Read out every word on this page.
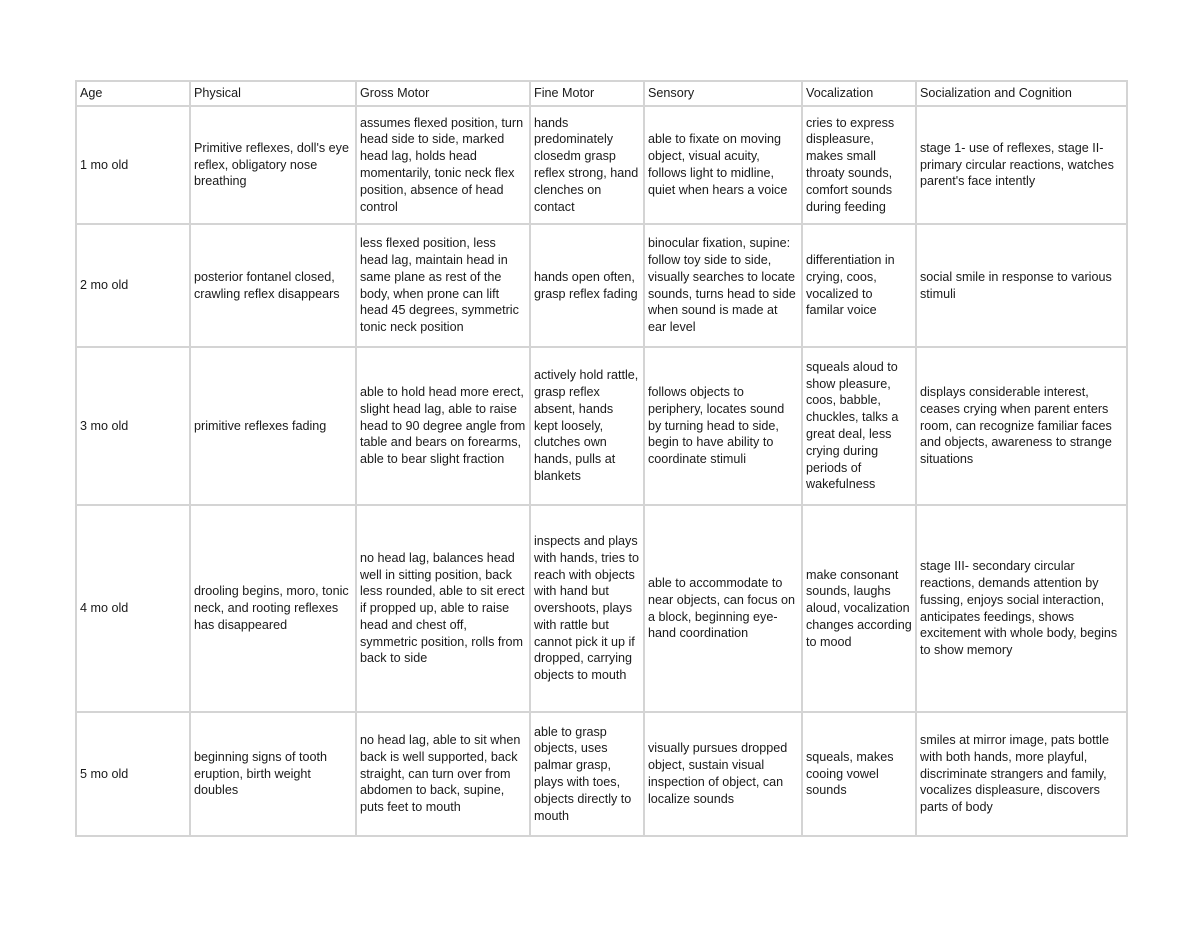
Age	Physical	Gross Motor	Fine Motor	Sensory	Vocalization	Socialization and Cognition
1 mo old	Primitive reflexes, doll's eye reflex, obligatory nose breathing	assumes flexed position, turn head side to side, marked head lag, holds head momentarily, tonic neck flex position, absence of head control	hands predominately closedm grasp reflex strong, hand clenches on contact	able to fixate on moving object, visual acuity, follows light to midline, quiet when hears a voice	cries to express displeasure, makes small throaty sounds, comfort sounds during feeding	stage 1- use of reflexes, stage II- primary circular reactions, watches parent's face intently
2 mo old	posterior fontanel closed, crawling reflex disappears	less flexed position, less head lag, maintain head in same plane as rest of the body, when prone can lift head 45 degrees, symmetric tonic neck position	hands open often, grasp reflex fading	binocular fixation, supine: follow toy side to side, visually searches to locate sounds, turns head to side when sound is made at ear level	differentiation in crying, coos, vocalized to familar voice	social smile in response to various stimuli
3 mo old	primitive reflexes fading	able to hold head more erect, slight head lag, able to raise head to 90 degree angle from table and bears on forearms, able to bear slight fraction	actively hold rattle, grasp reflex absent, hands kept loosely, clutches own hands, pulls at blankets	follows objects to periphery, locates sound by turning head to side, begin to have ability to coordinate stimuli	squeals aloud to show pleasure, coos, babble, chuckles, talks a great deal, less crying during periods of wakefulness	displays considerable interest, ceases crying when parent enters room, can recognize familiar faces and objects, awareness to strange situations
4 mo old	drooling begins, moro, tonic neck, and rooting reflexes has disappeared	no head lag, balances head well in sitting position, back less rounded, able to sit erect if propped up, able to raise head and chest off, symmetric position, rolls from back to side	inspects and plays with hands, tries to reach with objects with hand but overshoots, plays with rattle but cannot pick it up if dropped, carrying objects to mouth	able to accommodate to near objects, can focus on a block, beginning eye-hand coordination	make consonant sounds, laughs aloud, vocalization changes according to mood	stage III- secondary circular reactions, demands attention by fussing, enjoys social interaction, anticipates feedings, shows excitement with whole body, begins to show memory
5 mo old	beginning signs of tooth eruption, birth weight doubles	no head lag, able to sit when back is well supported, back straight, can turn over from abdomen to back, supine, puts feet to mouth	able to grasp objects, uses palmar grasp, plays with toes, objects directly to mouth	visually pursues dropped object, sustain visual inspection of object, can localize sounds	squeals, makes cooing vowel sounds	smiles at mirror image, pats bottle with both hands, more playful, discriminate strangers and family, vocalizes displeasure, discovers parts of body
